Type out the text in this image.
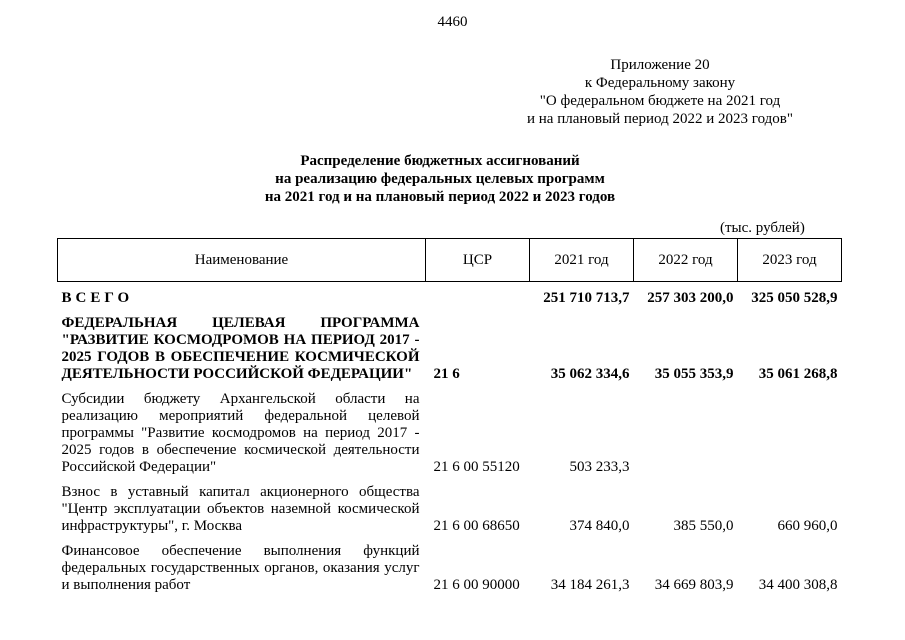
4460
Приложение 20
к Федеральному закону
"О федеральном бюджете на 2021 год
и на плановый период 2022 и 2023 годов"
Распределение бюджетных ассигнований
на реализацию федеральных целевых программ
на 2021 год и на плановый период 2022 и 2023 годов
(тыс. рублей)
Наименование	ЦСР	2021 год	2022 год	2023 год

ВСЕГО		251 710 713,7	257 303 200,0	325 050 528,9

ФЕДЕРАЛЬНАЯ ЦЕЛЕВАЯ ПРОГРАММА "РАЗВИТИЕ КОСМОДРОМОВ НА ПЕРИОД 2017 - 2025 ГОДОВ В ОБЕСПЕЧЕНИЕ КОСМИЧЕСКОЙ ДЕЯТЕЛЬНОСТИ РОССИЙСКОЙ ФЕДЕРАЦИИ"	21 6	35 062 334,6	35 055 353,9	35 061 268,8

Субсидии бюджету Архангельской области на реализацию мероприятий федеральной целевой программы "Развитие космодромов на период 2017 - 2025 годов в обеспечение космической деятельности Российской Федерации"	21 6 00 55120	503 233,3		

Взнос в уставный капитал акционерного общества "Центр эксплуатации объектов наземной космической инфраструктуры", г. Москва	21 6 00 68650	374 840,0	385 550,0	660 960,0

Финансовое обеспечение выполнения функций федеральных государственных органов, оказания услуг и выполнения работ	21 6 00 90000	34 184 261,3	34 669 803,9	34 400 308,8
